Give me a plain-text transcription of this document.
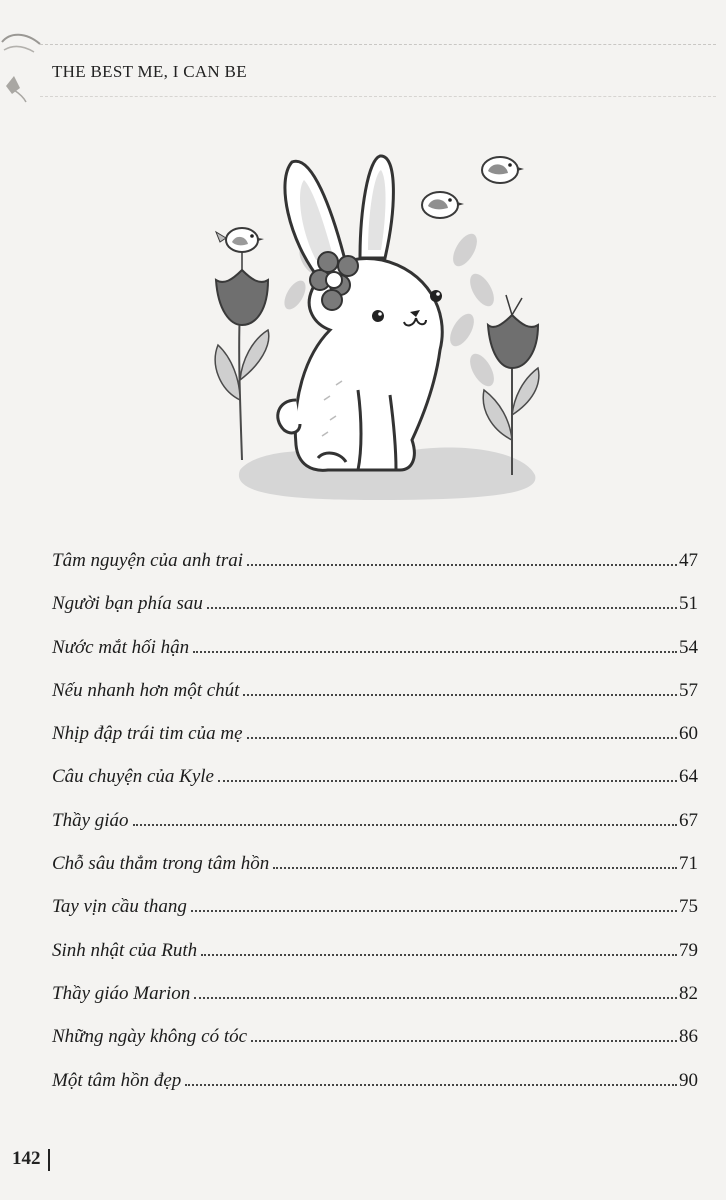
THE BEST ME, I CAN BE
Tâm nguyện của anh trai	47
Người bạn phía sau	51
Nước mắt hối hận	54
Nếu nhanh hơn một chút	57
Nhịp đập trái tim của mẹ	60
Câu chuyện của Kyle	64
Thầy giáo	67
Chỗ sâu thẳm trong tâm hồn	71
Tay vịn cầu thang	75
Sinh nhật của Ruth	79
Thầy giáo Marion	82
Những ngày không có tóc	86
Một tâm hồn đẹp	90
142
